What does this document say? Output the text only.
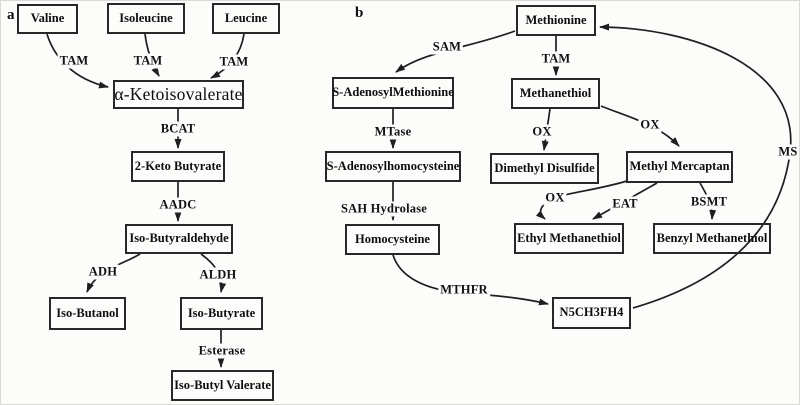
a	b
TAM	TAM	TAM
BCAT
AADC
ADH	ALDH
Esterase
SAM
TAM
MTase	OX	OX
SAH Hydrolase
OX	EAT	BSMT
MTHFR
MS
Valine	Isoleucine	Leucine
α-Ketoisovalerate
2-Keto Butyrate
Iso-Butyraldehyde
Iso-Butanol	Iso-Butyrate
Iso-Butyl Valerate
Methionine
S-AdenosylMethionine	Methanethiol
S-Adenosylhomocysteine	Dimethyl Disulfide	Methyl Mercaptan
Homocysteine	Ethyl Methanethiol	Benzyl Methanethiol
N5CH3FH4
